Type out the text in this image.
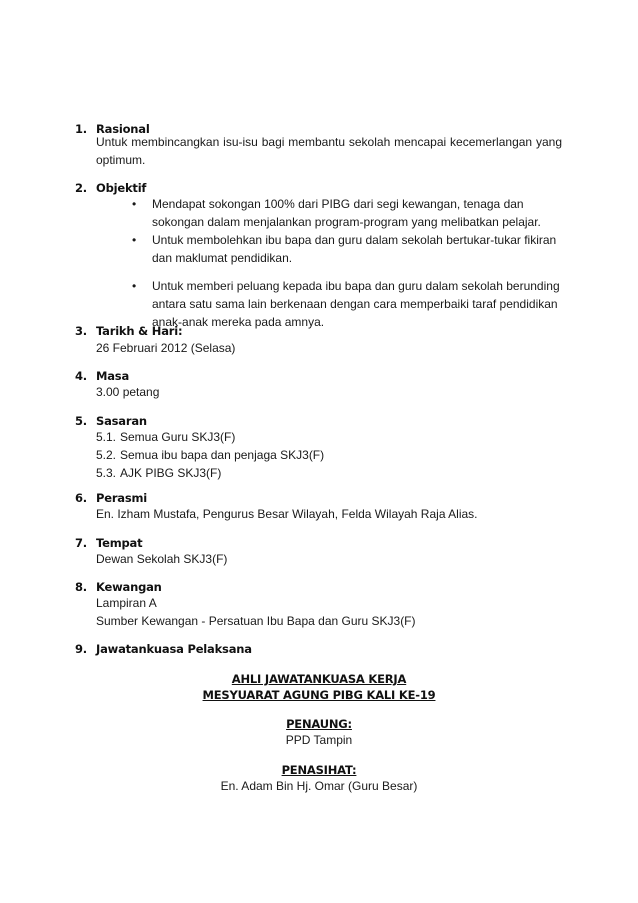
1. Rasional
Untuk membincangkan isu-isu bagi membantu sekolah mencapai kecemerlangan yang optimum.
2. Objektif
• Mendapat sokongan 100% dari PIBG dari segi kewangan, tenaga dan sokongan dalam menjalankan program-program yang melibatkan pelajar.
• Untuk membolehkan ibu bapa dan guru dalam sekolah bertukar-tukar fikiran dan maklumat pendidikan.
• Untuk memberi peluang kepada ibu bapa dan guru dalam sekolah berunding antara satu sama lain berkenaan dengan cara memperbaiki taraf pendidikan anak-anak mereka pada amnya.
3. Tarikh & Hari:
26 Februari 2012 (Selasa)
4. Masa
3.00 petang
5. Sasaran
5.1. Semua Guru SKJ3(F)
5.2. Semua ibu bapa dan penjaga SKJ3(F)
5.3. AJK PIBG SKJ3(F)
6. Perasmi
En. Izham Mustafa, Pengurus Besar Wilayah, Felda Wilayah Raja Alias.
7. Tempat
Dewan Sekolah SKJ3(F)
8. Kewangan
Lampiran A
Sumber Kewangan - Persatuan Ibu Bapa dan Guru SKJ3(F)
9. Jawatankuasa Pelaksana
AHLI JAWATANKUASA KERJA
MESYUARAT AGUNG PIBG KALI KE-19
PENAUNG:
PPD Tampin
PENASIHAT:
En. Adam Bin Hj. Omar (Guru Besar)
